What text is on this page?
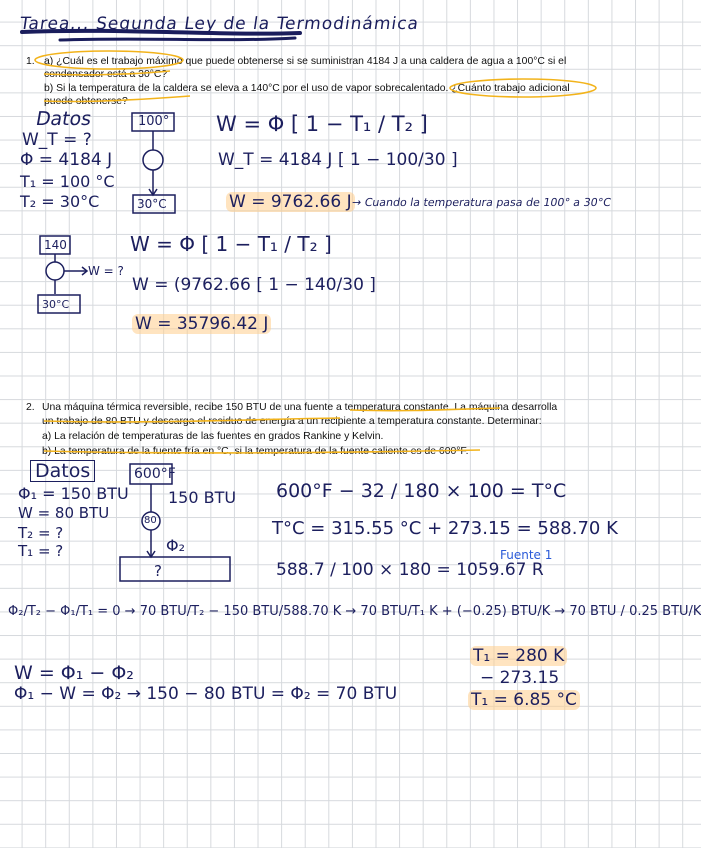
Tarea... Segunda Ley de la Termodinámica
1. a) ¿Cuál es el trabajo máximo que puede obtenerse si se suministran 4184 J a una caldera de agua a 100°C si el
condensador está a 30°C?
b) Si la temperatura de la caldera se eleva a 140°C por el uso de vapor sobrecalentado. ¿Cuánto trabajo adicional
puede obtenerse?
Datos
W_T = ?
Φ = 4184 J
T₁ = 100 °C
T₂ = 30°C
100°
30°C
W = Φ [ 1 − T₁ / T₂ ]
W_T = 4184 J [ 1 − 100/30 ]
W = 9762.66 J → Cuando la temperatura pasa de 100° a 30°C
140
W = ?
30°C
W = Φ [ 1 − T₁ / T₂ ]
W = (9762.66 [ 1 − 140/30 ]
W = 35796.42 J
2. Una máquina térmica reversible, recibe 150 BTU de una fuente a temperatura constante. La máquina desarrolla
un trabajo de 80 BTU y descarga el residuo de energía a un recipiente a temperatura constante. Determinar:
a) La relación de temperaturas de las fuentes en grados Rankine y Kelvin.
b) La temperatura de la fuente fría en °C, si la temperatura de la fuente caliente es de 600°F.
Datos
Φ₁ = 150 BTU
W = 80 BTU
T₂ = ?
T₁ = ?
600°F
150 BTU
80
Φ₂
?
600°F − 32 / 180 × 100 = T°C
T°C = 315.55 °C + 273.15 = 588.70 K
588.7 / 100 × 180 = 1059.67 R
Fuente 1
Φ₂/T₂ − Φ₁/T₁ = 0 → 70 BTU/T₂ − 150 BTU/588.70 K → 70 BTU/T₁ K + (−0.25) BTU/K → 70 BTU / 0.25 BTU/K
W = Φ₁ − Φ₂
Φ₁ − W = Φ₂ → 150 − 80 BTU = Φ₂ = 70 BTU
T₁ = 280 K
− 273.15
T₁ = 6.85 °C
